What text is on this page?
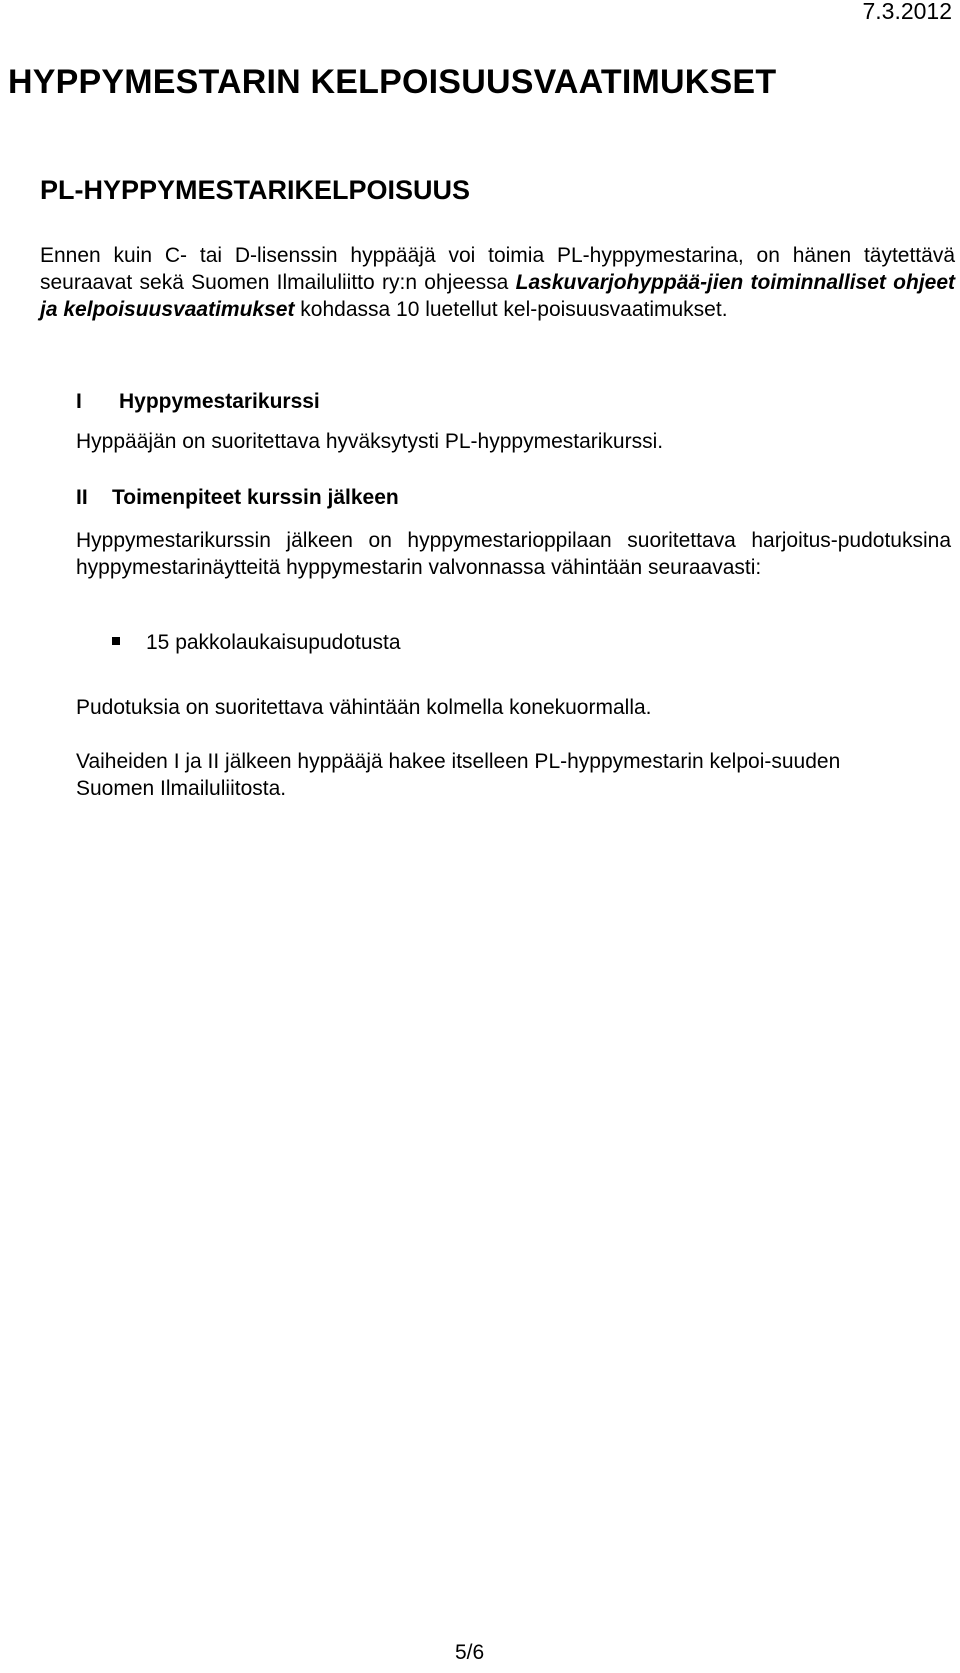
7.3.2012
HYPPYMESTARIN KELPOISUUSVAATIMUKSET
PL-HYPPYMESTARIKELPOISUUS

Ennen kuin C- tai D-lisenssin hyppääjä voi toimia PL-hyppymestarina, on hänen täytettävä seuraavat sekä Suomen Ilmailuliitto ry:n ohjeessa Laskuvarjohyppää-jien toiminnalliset ohjeet ja kelpoisuusvaatimukset kohdassa 10 luetellut kel-poisuusvaatimukset.

I Hyppymestarikurssi

Hyppääjän on suoritettava hyväksytysti PL-hyppymestarikurssi.

II Toimenpiteet kurssin jälkeen

Hyppymestarikurssin jälkeen on hyppymestarioppilaan suoritettava harjoitus-pudotuksina hyppymestarinäytteitä hyppymestarin valvonnassa vähintään seuraavasti:

15 pakkolaukaisupudotusta

Pudotuksia on suoritettava vähintään kolmella konekuormalla.

Vaiheiden I ja II jälkeen hyppääjä hakee itselleen PL-hyppymestarin kelpoi-suuden Suomen Ilmailuliitosta.

5/6
